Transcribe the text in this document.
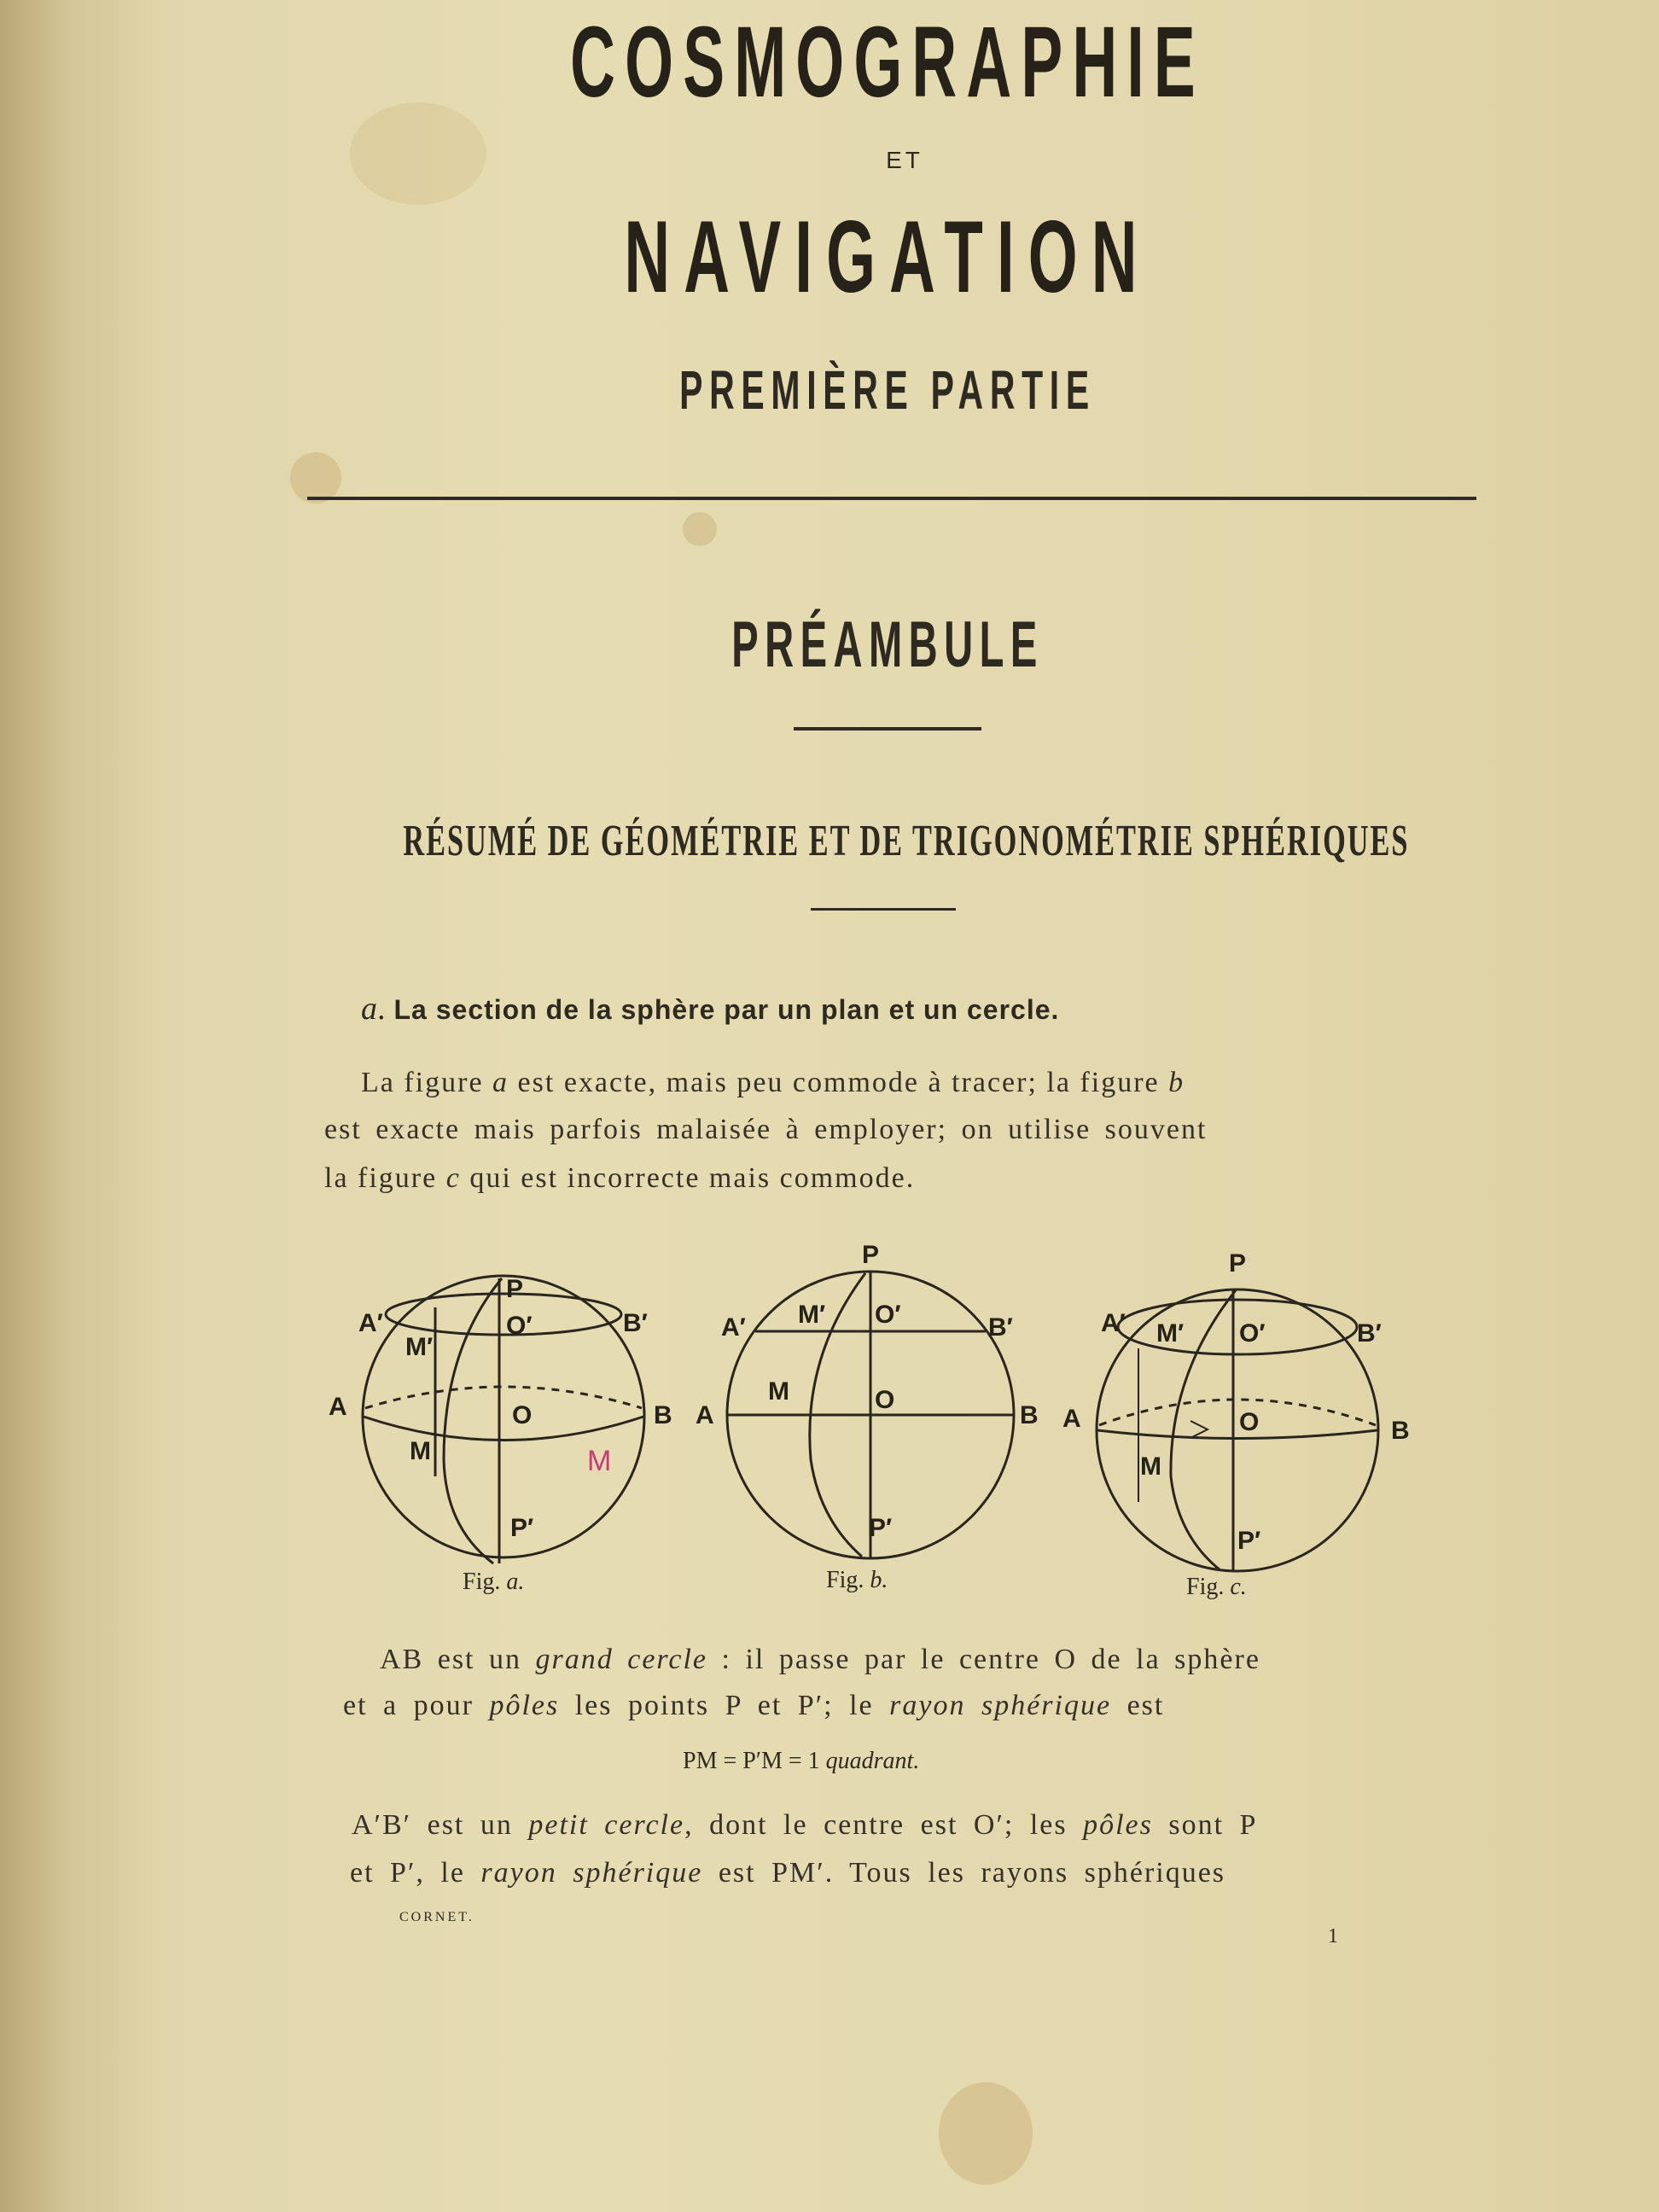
COSMOGRAPHIE
ET
NAVIGATION
PREMIÈRE PARTIE
PRÉAMBULE
RÉSUMÉ DE GÉOMÉTRIE ET DE TRIGONOMÉTRIE SPHÉRIQUES
a. La section de la sphère par un plan et un cercle.
La figure a est exacte, mais peu commode à tracer; la figure b
est exacte mais parfois malaisée à employer; on utilise souvent
la figure c qui est incorrecte mais commode.
A′
P
O′	B′
M′
A	O	B
M
P′
M
Fig. a.
P
A′ M′ O′	B′
A
M	O
B
P′
Fig. b.
P
A′ M′ O′	B′
A	O	B
M
P′
Fig. c.
AB est un grand cercle : il passe par le centre O de la sphère
et a pour pôles les points P et P′; le rayon sphérique est
PM = P′M = 1 quadrant.
A′B′ est un petit cercle, dont le centre est O′; les pôles sont P
et P′, le rayon sphérique est PM′. Tous les rayons sphériques
CORNET.
1
